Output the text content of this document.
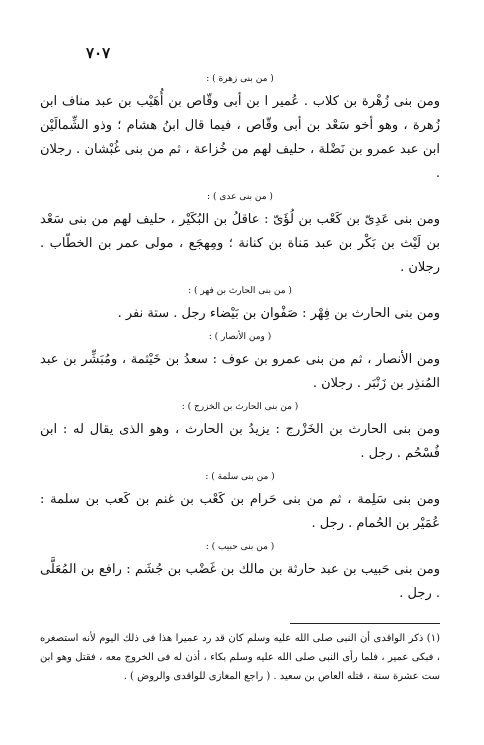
٧٠٧
( من بنى زهرة ) :

ومن بنى زُهْرة بن كلاب . عُمير ا بن أبى وقّاص بن أُهَيْب بن عبد مناف ابن زُهرة ، وهو أخو سَعْد بن أبى وقّاص ، فيما قال ابنُ هشام ؛ وذو الشِّمالَيْن ابن عبد عمرو بن نَضْلة ، حليف لهم من خُزاعة ، ثم من بنى غُبْشان . رجلان .

( من بنى عدى ) :

ومن بنى عَدِىّ بن كَعْب بن لُؤَىّ : عاقلُ بن البُكَيْر ، حليف لهم من بنى سَعْد بن لَيْث بن بَكْر بن عبد مَناة بن كنانة ؛ ومِهجَع ، مولى عمر بن الخطّاب . رجلان .

( من بنى الحارث بن فهر ) :

ومن بنى الحارث بن فِهْر : صَفْوان بن بَيْضاء رجل . ستة نفر .

( ومن الأنصار ) :

ومن الأنصار ، ثم من بنى عمرو بن عوف : سعدُ بن خَيْثمة ، ومُبَشِّر بن عبد المُنذِر بن زَنْبَر . رجلان .

( من بنى الحارث بن الخزرج ) :

ومن بنى الحارث بن الخَزْرج : يزيدُ بن الحارث ، وهو الذى يقال له : ابن فُسْحُم . رجل .

( من بنى سلمة ) :

ومن بنى سَلِمة ، ثم من بنى حَرام بن كَعْب بن غنم بن كَعب بن سلمة : عُمَيْر بن الحُمام . رجل .

( من بنى حبيب ) :

ومن بنى حَبيب بن عبد حارثة بن مالك بن غَضْب بن جُشَم : رافع بن المُعَلَّى . رجل .

(١) ذكر الواقدى أن النبى صلى الله عليه وسلم كان قد رد عميرا هذا فى ذلك اليوم لأنه استصغره ، فبكى عمير ، فلما رأى النبى صلى الله عليه وسلم بكاء ، أذن له فى الخروج معه ، فقتل وهو ابن ست عشرة سنة ، قتله العاص بن سعيد . ( راجع المغازى للواقدى والروض ) .
